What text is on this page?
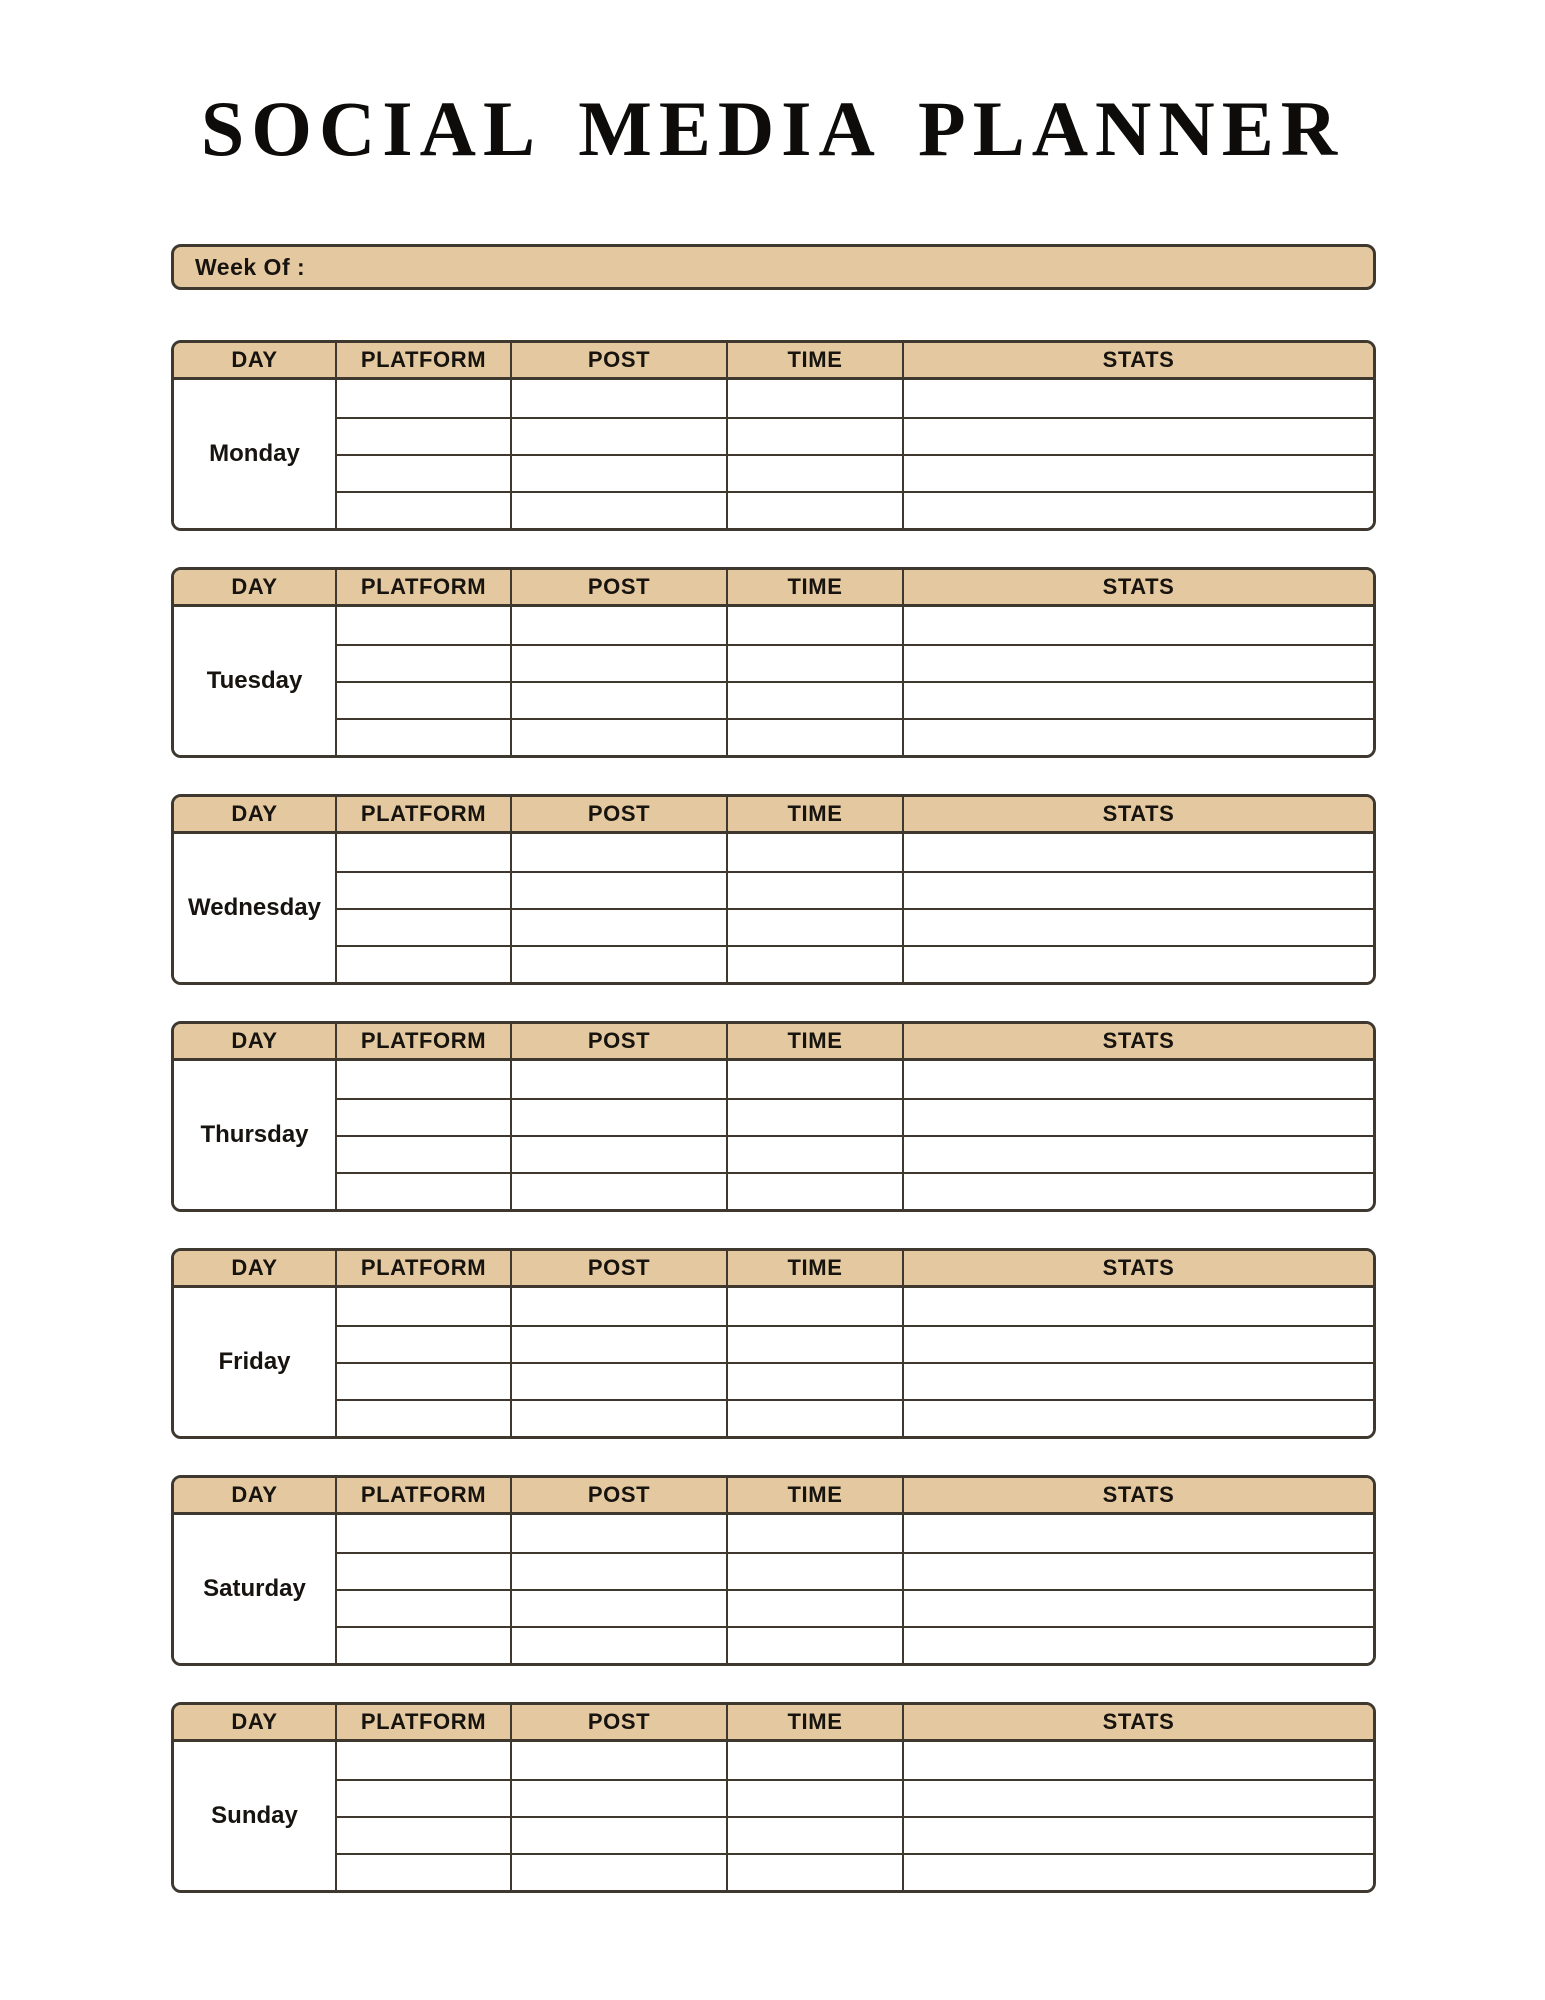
SOCIAL MEDIA PLANNER
Week Of :
DAY	PLATFORM	POST	TIME	STATS
Monday
DAY	PLATFORM	POST	TIME	STATS
Tuesday
DAY	PLATFORM	POST	TIME	STATS
Wednesday
DAY	PLATFORM	POST	TIME	STATS
Thursday
DAY	PLATFORM	POST	TIME	STATS
Friday
DAY	PLATFORM	POST	TIME	STATS
Saturday
DAY	PLATFORM	POST	TIME	STATS
Sunday
